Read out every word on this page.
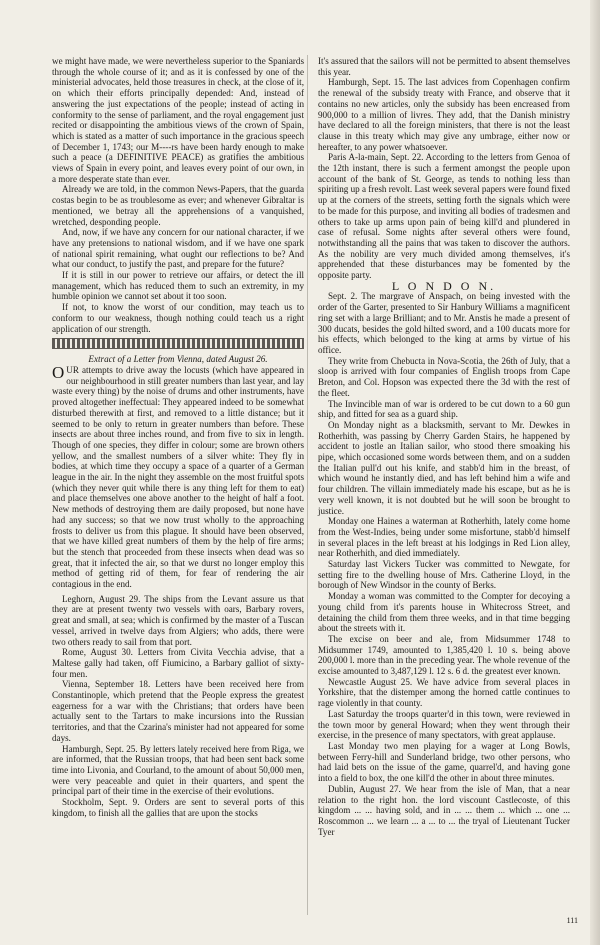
we might have made, we were nevertheless superior to the Spaniards through the whole course of it; and as it is confessed by one of the ministerial advocates, held those treasures in check, at the close of it, on which their efforts principally depended: And, instead of answering the just expectations of the people; instead of acting in conformity to the sense of parliament, and the royal engagement just recited or disappointing the ambitious views of the crown of Spain, which is stated as a matter of such importance in the gracious speech of December 1, 1743; our M----rs have been hardy enough to make such a peace (a DEFINITIVE PEACE) as gratifies the ambitious views of Spain in every point, and leaves every point of our own, in a more desperate state than ever.

Already we are told, in the common News-Papers, that the guarda costas begin to be as troublesome as ever; and whenever Gibraltar is mentioned, we betray all the apprehensions of a vanquished, wretched, desponding people.

And, now, if we have any concern for our national character, if we have any pretensions to national wisdom, and if we have one spark of national spirit remaining, what ought our reflections to be? And what our conduct, to justify the past, and prepare for the future?

If it is still in our power to retrieve our affairs, or detect the ill management, which has reduced them to such an extremity, in my humble opinion we cannot set about it too soon.

If not, to know the worst of our condition, may teach us to conform to our weakness, though nothing could teach us a right application of our strength.

Extract of a Letter from Vienna, dated August 26.

OUR attempts to drive away the locusts (which have appeared in our neighbourhood in still greater numbers than last year, and lay waste every thing) by the noise of drums and other instruments, have proved altogether ineffectual: They appeared indeed to be somewhat disturbed therewith at first, and removed to a little distance; but it seemed to be only to return in greater numbers than before. These insects are about three inches round, and from five to six in length. Though of one species, they differ in colour; some are brown others yellow, and the smallest numbers of a silver white: They fly in bodies, at which time they occupy a space of a quarter of a German league in the air. In the night they assemble on the most fruitful spots (which they never quit while there is any thing left for them to eat) and place themselves one above another to the height of half a foot. New methods of destroying them are daily proposed, but none have had any success; so that we now trust wholly to the approaching frosts to deliver us from this plague. It should have been observed, that we have killed great numbers of them by the help of fire arms; but the stench that proceeded from these insects when dead was so great, that it infected the air, so that we durst no longer employ this method of getting rid of them, for fear of rendering the air contagious in the end.

Leghorn, August 29. The ships from the Levant assure us that they are at present twenty two vessels with oars, Barbary rovers, great and small, at sea; which is confirmed by the master of a Tuscan vessel, arrived in twelve days from Algiers; who adds, there were two others ready to sail from that port.

Rome, August 30. Letters from Civita Vecchia advise, that a Maltese gally had taken, off Fiumicino, a Barbary galliot of sixty-four men.

Vienna, September 18. Letters have been received here from Constantinople, which pretend that the People express the greatest eagerness for a war with the Christians; that orders have been actually sent to the Tartars to make incursions into the Russian territories, and that the Czarina's minister had not appeared for some days.

Hamburgh, Sept. 25. By letters lately received here from Riga, we are informed, that the Russian troops, that had been sent back some time into Livonia, and Courland, to the amount of about 50,000 men, were very peaceable and quiet in their quarters, and spent the principal part of their time in the exercise of their evolutions.

Stockholm, Sept. 9. Orders are sent to several ports of this kingdom, to finish all the gallies that are upon the stocks

It's assured that the sailors will not be permitted to absent themselves this year.

Hamburgh, Sept. 15. The last advices from Copenhagen confirm the renewal of the subsidy treaty with France, and observe that it contains no new articles, only the subsidy has been encreased from 900,000 to a million of livres. They add, that the Danish ministry have declared to all the foreign ministers, that there is not the least clause in this treaty which may give any umbrage, either now or hereafter, to any power whatsoever.

Paris A-la-main, Sept. 22. According to the letters from Genoa of the 12th instant, there is such a ferment amongst the people upon account of the bank of St. George, as tends to nothing less than spiriting up a fresh revolt. Last week several papers were found fixed up at the corners of the streets, setting forth the signals which were to be made for this purpose, and inviting all bodies of tradesmen and others to take up arms upon pain of being kill'd and plundered in case of refusal. Some nights after several others were found, notwithstanding all the pains that was taken to discover the authors. As the nobility are very much divided among themselves, it's apprehended that these disturbances may be fomented by the opposite party.

L O N D O N.

Sept. 2. The margrave of Anspach, on being invested with the order of the Garter, presented to Sir Hanbury Williams a magnificent ring set with a large Brilliant; and to Mr. Anstis he made a present of 300 ducats, besides the gold hilted sword, and a 100 ducats more for his effects, which belonged to the king at arms by virtue of his office.

They write from Chebucta in Nova-Scotia, the 26th of July, that a sloop is arrived with four companies of English troops from Cape Breton, and Col. Hopson was expected there the 3d with the rest of the fleet.

The Invincible man of war is ordered to be cut down to a 60 gun ship, and fitted for sea as a guard ship.

On Monday night as a blacksmith, servant to Mr. Dewkes in Rotherhith, was passing by Cherry Garden Stairs, he happened by accident to jostle an Italian sailor, who stood there smoaking his pipe, which occasioned some words between them, and on a sudden the Italian pull'd out his knife, and stabb'd him in the breast, of which wound he instantly died, and has left behind him a wife and four children. The villain immediately made his escape, but as he is very well known, it is not doubted but he will soon be brought to justice.

Monday one Haines a waterman at Rotherhith, lately come home from the West-Indies, being under some misfortune, stabb'd himself in several places in the left breast at his lodgings in Red Lion alley, near Rotherhith, and died immediately.

Saturday last Vickers Tucker was committed to Newgate, for setting fire to the dwelling house of Mrs. Catherine Lloyd, in the borough of New Windsor in the county of Berks.

Monday a woman was committed to the Compter for decoying a young child from it's parents house in Whitecross Street, and detaining the child from them three weeks, and in that time begging about the streets with it.

The excise on beer and ale, from Midsummer 1748 to Midsummer 1749, amounted to 1,385,420 l. 10 s. being above 200,000 l. more than in the preceding year. The whole revenue of the excise amounted to 3,487,129 l. 12 s. 6 d. the greatest ever known.

Newcastle August 25. We have advice from several places in Yorkshire, that the distemper among the horned cattle continues to rage violently in that county.

Last Saturday the troops quarter'd in this town, were reviewed in the town moor by general Howard; when they went through their exercise, in the presence of many spectators, with great applause.

Last Monday two men playing for a wager at Long Bowls, between Ferry-hill and Sunderland bridge, two other persons, who had laid bets on the issue of the game, quarrel'd, and having gone into a field to box, the one kill'd the other in about three minutes.

Dublin, August 27. We hear from the isle of Man, that a near relation to the right hon. the lord viscount Castlecoste, of this kingdom ... ... having sold, and in ... ... them ... which ... one ... Roscommon ... we learn ... a ... to ... the tryal of Lieutenant Tucker Tyer

111
